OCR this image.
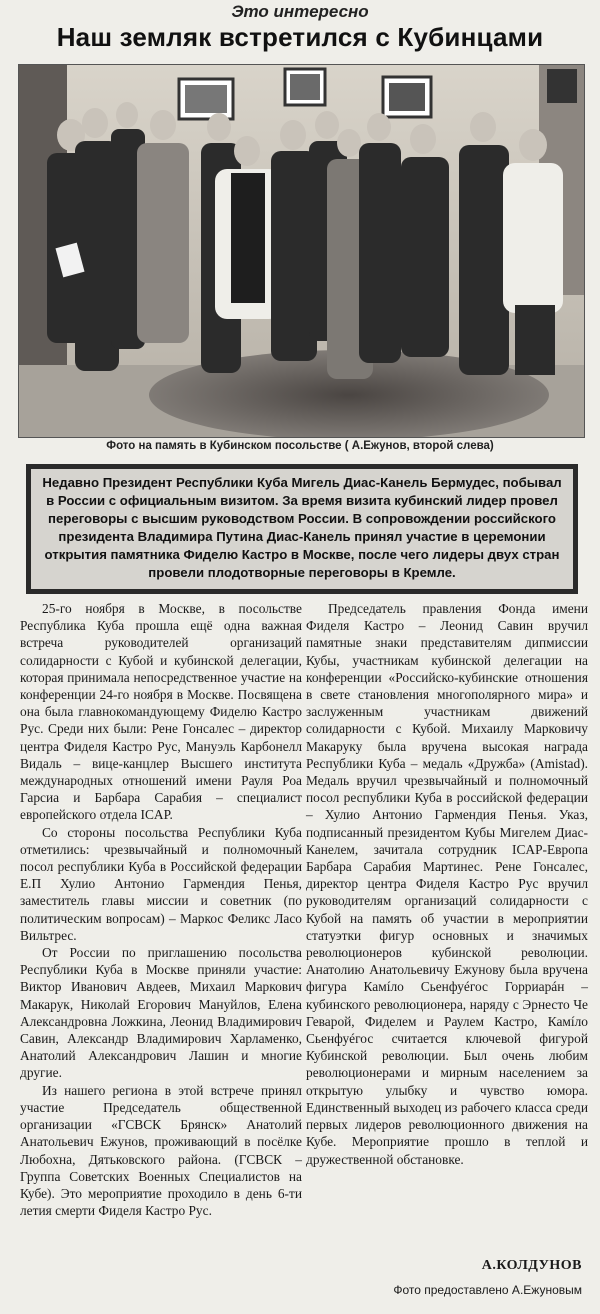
Это интересно
Наш земляк встретился с Кубинцами
Фото на память в Кубинском посольстве ( А.Ежунов, второй слева)
Недавно Президент Республики Куба Мигель Диас-Канель Бермудес, побывал в России с официальным визитом. За время визита кубинский лидер провел переговоры с высшим руководством России. В сопровождении российского президента Владимира Путина Диас-Канель принял участие в церемонии открытия памятника Фиделю Кастро в Москве, после чего лидеры двух стран провели плодотворные переговоры в Кремле.

25-го ноября в Москве, в посольстве Республика Куба прошла ещё одна важная встреча руководителей организаций солидарности с Кубой и кубинской делегации, которая принимала непосредственное участие на конференции 24-го ноября в Москве. Посвящена она была главнокомандующему Фиделю Кастро Рус. Среди них были: Рене Гонсалес – директор центра Фиделя Кастро Рус, Мануэль Карбонелл Видаль – вице-канцлер Высшего института международных отношений имени Рауля Роа Гарсиа и Барбара Сарабия – специалист европейского отдела ICAP.

Со стороны посольства Республики Куба отметились: чрезвычайный и полномочный посол республики Куба в Российской федерации Е.П Хулио Антонио Гармендия Пенья, заместитель главы миссии и советник (по политическим вопросам) – Маркос Феликс Ласо Вильтрес.

От России по приглашению посольства Республики Куба в Москве приняли участие: Виктор Иванович Авдеев, Михаил Маркович Макарук, Николай Егорович Мануйлов, Елена Александровна Ложкина, Леонид Владимирович Савин, Александр Владимирович Харламенко, Анатолий Александрович Лашин и многие другие.

Из нашего региона в этой встрече принял участие Председатель общественной организации «ГСВСК Брянск» Анатолий Анатольевич Ежунов, проживающий в посёлке Любохна, Дятьковского района. (ГСВСК – Группа Советских Военных Специалистов на Кубе). Это мероприятие проходило в день 6-ти летия смерти Фиделя Кастро Рус.

Председатель правления Фонда имени Фиделя Кастро – Леонид Савин вручил памятные знаки представителям дипмиссии Кубы, участникам кубинской делегации на конференции «Российско-кубинские отношения в свете становления многополярного мира» и заслуженным участникам движений солидарности с Кубой. Михаилу Марковичу Макаруку была вручена высокая награда Республики Куба – медаль «Дружба» (Amistad). Медаль вручил чрезвычайный и полномочный посол республики Куба в российской федерации – Хулио Антонио Гармендия Пенья. Указ, подписанный президентом Кубы Мигелем Диас-Канелем, зачитала сотрудник ICAP-Европа Барбара Сарабия Мартинес. Рене Гонсалес, директор центра Фиделя Кастро Рус вручил руководителям организаций солидарности с Кубой на память об участии в мероприятии статуэтки фигур основных и значимых революционеров кубинской революции. Анатолию Анатольевичу Ежунову была вручена фигура Камíло Сьенфуéгос Горриарáн – кубинского революционера, наряду с Эрнесто Че Геварой, Фиделем и Раулем Кастро, Камíло Сьенфуéгос считается ключевой фигурой Кубинской революции. Был очень любим революционерами и мирным населением за открытую улыбку и чувство юмора. Единственный выходец из рабочего класса среди первых лидеров революционного движения на Кубе. Мероприятие прошло в теплой и дружественной обстановке.

А.КОЛДУНОВ
Фото предоставлено А.Ежуновым
